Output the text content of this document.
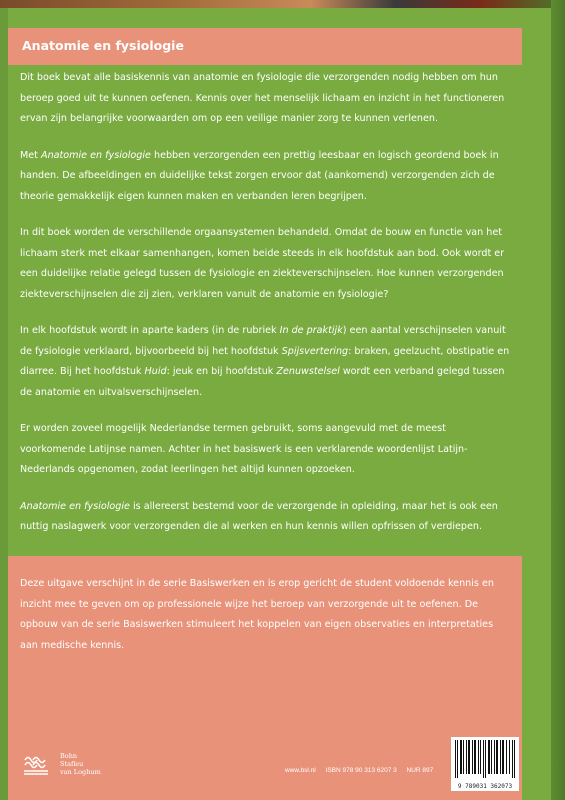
Anatomie en fysiologie

Dit boek bevat alle basiskennis van anatomie en fysiologie die verzorgenden nodig hebben om hun beroep goed uit te kunnen oefenen. Kennis over het menselijk lichaam en inzicht in het functioneren ervan zijn belangrijke voorwaarden om op een veilige manier zorg te kunnen verlenen.

Met Anatomie en fysiologie hebben verzorgenden een prettig leesbaar en logisch geordend boek in handen. De afbeeldingen en duidelijke tekst zorgen ervoor dat (aankomend) verzorgenden zich de theorie gemakkelijk eigen kunnen maken en verbanden leren begrijpen.

In dit boek worden de verschillende orgaansystemen behandeld. Omdat de bouw en functie van het lichaam sterk met elkaar samenhangen, komen beide steeds in elk hoofdstuk aan bod. Ook wordt er een duidelijke relatie gelegd tussen de fysiologie en ziekteverschijnselen. Hoe kunnen verzorgenden ziekteverschijnselen die zij zien, verklaren vanuit de anatomie en fysiologie?

In elk hoofdstuk wordt in aparte kaders (in de rubriek In de praktijk) een aantal verschijnselen vanuit de fysiologie verklaard, bijvoorbeeld bij het hoofdstuk Spijsvertering: braken, geelzucht, obstipatie en diarree. Bij het hoofdstuk Huid: jeuk en bij hoofdstuk Zenuwstelsel wordt een verband gelegd tussen de anatomie en uitvalsverschijnselen.

Er worden zoveel mogelijk Nederlandse termen gebruikt, soms aangevuld met de meest voorkomende Latijnse namen. Achter in het basiswerk is een verklarende woordenlijst Latijn-Nederlands opgenomen, zodat leerlingen het altijd kunnen opzoeken.

Anatomie en fysiologie is allereerst bestemd voor de verzorgende in opleiding, maar het is ook een nuttig naslagwerk voor verzorgenden die al werken en hun kennis willen opfrissen of verdiepen.

Deze uitgave verschijnt in de serie Basiswerken en is erop gericht de student voldoende kennis en inzicht mee te geven om op professionele wijze het beroep van verzorgende uit te oefenen. De opbouw van de serie Basiswerken stimuleert het koppelen van eigen observaties en interpretaties aan medische kennis.
Bohn
Stafleu
van Loghum	www.bsl.nl ISBN 978 90 313 6207 3 NUR 897
9 789031 362073
